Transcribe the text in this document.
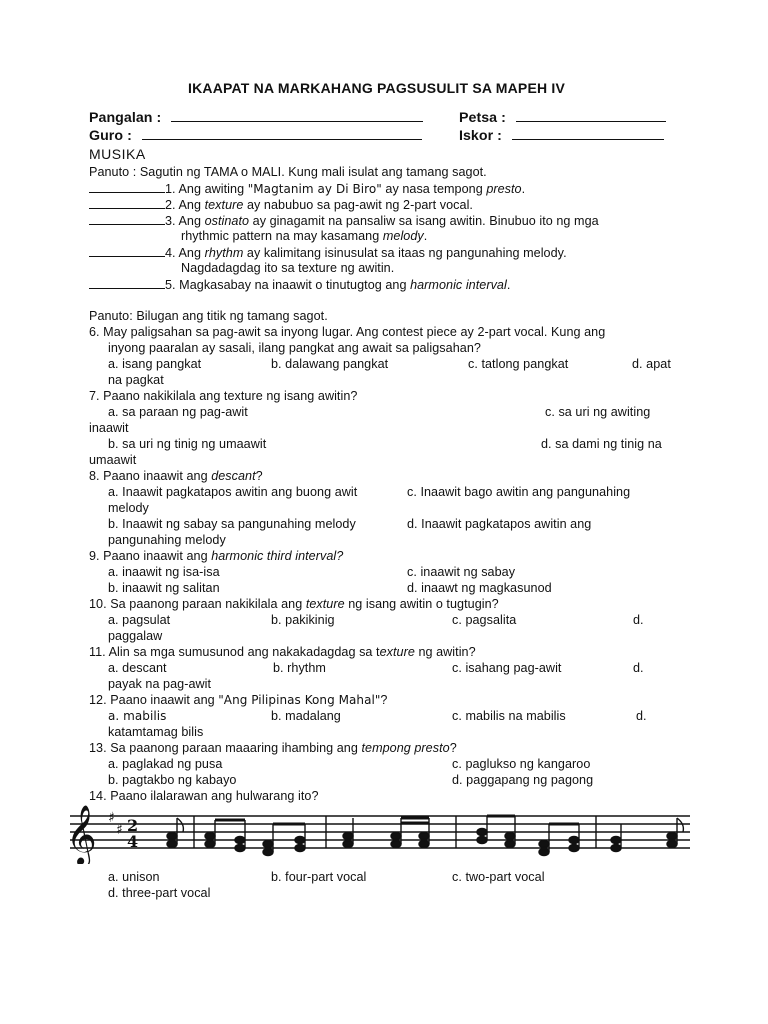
IKAAPAT NA MARKAHANG PAGSUSULIT SA MAPEH IV
Pangalan :	Petsa :
Guro :	Iskor :
MUSIKA
Panuto : Sagutin ng TAMA o MALI. Kung mali isulat ang tamang sagot.
1. Ang awiting "Magtanim ay Di Biro" ay nasa tempong presto.
2. Ang texture ay nabubuo sa pag-awit ng 2-part vocal.
3. Ang ostinato ay ginagamit na pansaliw sa isang awitin. Binubuo ito ng mga
rhythmic pattern na may kasamang melody.
4. Ang rhythm ay kalimitang isinusulat sa itaas ng pangunahing melody.
Nagdadagdag ito sa texture ng awitin.
5. Magkasabay na inaawit o tinutugtog ang harmonic interval.
Panuto: Bilugan ang titik ng tamang sagot.
6. May paligsahan sa pag-awit sa inyong lugar. Ang contest piece ay 2-part vocal. Kung ang
inyong paaralan ay sasali, ilang pangkat ang await sa paligsahan?
a. isang pangkat	b. dalawang pangkat	c. tatlong pangkat	d. apat
na pagkat
7. Paano nakikilala ang texture ng isang awitin?
a. sa paraan ng pag-awit	c. sa uri ng awiting
inaawit
b. sa uri ng tinig ng umaawit	d. sa dami ng tinig na
umaawit
8. Paano inaawit ang descant?
a. Inaawit pagkatapos awitin ang buong awit	c. Inaawit bago awitin ang pangunahing
melody
b. Inaawit ng sabay sa pangunahing melody	d. Inaawit pagkatapos awitin ang
pangunahing melody
9. Paano inaawit ang harmonic third interval?
a. inaawit ng isa-isa	c. inaawit ng sabay
b. inaawit ng salitan	d. inaawt ng magkasunod
10. Sa paanong paraan nakikilala ang texture ng isang awitin o tugtugin?
a. pagsulat	b. pakikinig	c. pagsalita	d.
paggalaw
11. Alin sa mga sumusunod ang nakakadagdag sa texture ng awitin?
a. descant	b. rhythm	c. isahang pag-awit	d.
payak na pag-awit
12. Paano inaawit ang "Ang Pilipinas Kong Mahal"?
a. mabilis	b. madalang	c. mabilis na mabilis	d.
katamtamag bilis
13. Sa paanong paraan maaaring ihambing ang tempong presto?
a. paglakad ng pusa	c. paglukso ng kangaroo
b. pagtakbo ng kabayo	d. paggapang ng pagong
14. Paano ilalarawan ang hulwarang ito?
𝄞 ♯
♯ 2
4
a. unison	b. four-part vocal	c. two-part vocal
d. three-part vocal
